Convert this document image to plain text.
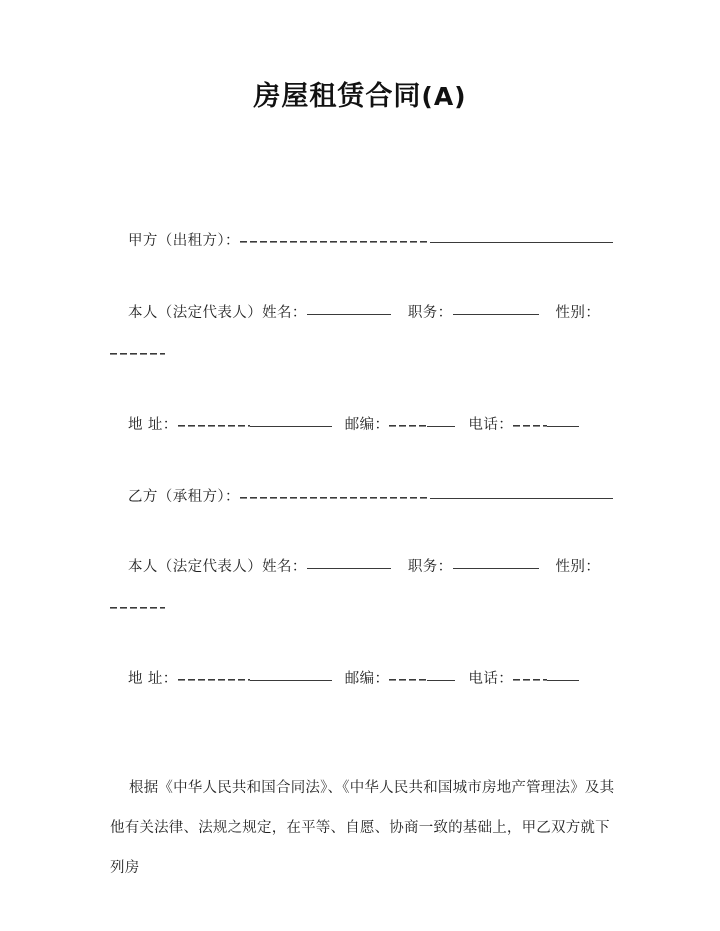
房屋租赁合同(A)
甲方（出租方）：
本人（法定代表人）姓名：	职务：	性别：
地 址：	邮编：	电话：
乙方（承租方）：
本人（法定代表人）姓名：	职务：	性别：
地 址：	邮编：	电话：
根据《中华人民共和国合同法》、《中华人民共和国城市房地产管理法》及其
他有关法律、法规之规定，在平等、自愿、协商一致的基础上，甲乙双方就下列房
